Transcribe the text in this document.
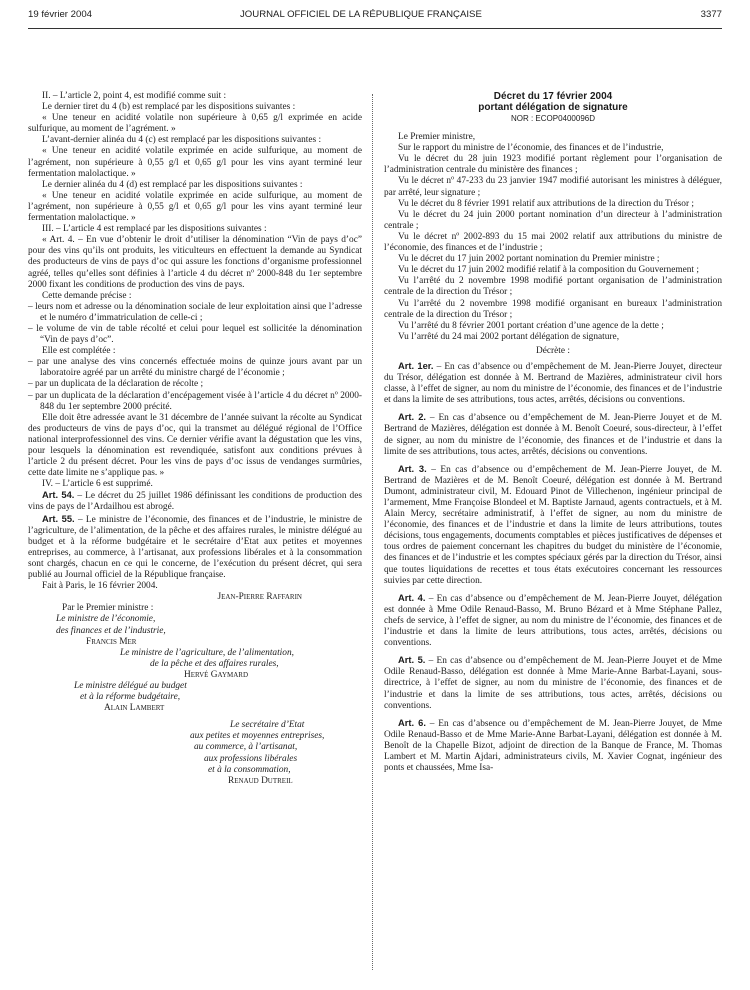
19 février 2004	JOURNAL OFFICIEL DE LA RÉPUBLIQUE FRANÇAISE	3377

II. – L’article 2, point 4, est modifié comme suit :

Le dernier tiret du 4 (b) est remplacé par les dispositions suivantes :

« Une teneur en acidité volatile non supérieure à 0,65 g/l exprimée en acide sulfurique, au moment de l’agrément. »

L’avant-dernier alinéa du 4 (c) est remplacé par les dispositions suivantes :

« Une teneur en acidité volatile exprimée en acide sulfurique, au moment de l’agrément, non supérieure à 0,55 g/l et 0,65 g/l pour les vins ayant terminé leur fermentation malolactique. »

Le dernier alinéa du 4 (d) est remplacé par les dispositions suivantes :

« Une teneur en acidité volatile exprimée en acide sulfurique, au moment de l’agrément, non supérieure à 0,55 g/l et 0,65 g/l pour les vins ayant terminé leur fermentation malolactique. »

III. – L’article 4 est remplacé par les dispositions suivantes :

« Art. 4. – En vue d’obtenir le droit d’utiliser la dénomination “Vin de pays d’oc” pour des vins qu’ils ont produits, les viticulteurs en effectuent la demande au Syndicat des producteurs de vins de pays d’oc qui assure les fonctions d’organisme professionnel agréé, telles qu’elles sont définies à l’article 4 du décret nº 2000-848 du 1er septembre 2000 fixant les conditions de production des vins de pays.

Cette demande précise :

– leurs nom et adresse ou la dénomination sociale de leur exploitation ainsi que l’adresse et le numéro d’immatriculation de celle-ci ;

– le volume de vin de table récolté et celui pour lequel est sollicitée la dénomination “Vin de pays d’oc”.

Elle est complétée :

– par une analyse des vins concernés effectuée moins de quinze jours avant par un laboratoire agréé par un arrêté du ministre chargé de l’économie ;

– par un duplicata de la déclaration de récolte ;

– par un duplicata de la déclaration d’encépagement visée à l’article 4 du décret nº 2000-848 du 1er septembre 2000 précité.

Elle doit être adressée avant le 31 décembre de l’année suivant la récolte au Syndicat des producteurs de vins de pays d’oc, qui la transmet au délégué régional de l’Office national interprofessionnel des vins. Ce dernier vérifie avant la dégustation que les vins, pour lesquels la dénomination est revendiquée, satisfont aux conditions prévues à l’article 2 du présent décret. Pour les vins de pays d’oc issus de vendanges surmûries, cette date limite ne s’applique pas. »

IV. – L’article 6 est supprimé.

Art. 54. – Le décret du 25 juillet 1986 définissant les conditions de production des vins de pays de l’Ardailhou est abrogé.

Art. 55. – Le ministre de l’économie, des finances et de l’industrie, le ministre de l’agriculture, de l’alimentation, de la pêche et des affaires rurales, le ministre délégué au budget et à la réforme budgétaire et le secrétaire d’Etat aux petites et moyennes entreprises, au commerce, à l’artisanat, aux professions libérales et à la consommation sont chargés, chacun en ce qui le concerne, de l’exécution du présent décret, qui sera publié au Journal officiel de la République française.

Fait à Paris, le 16 février 2004.

Jean-Pierre Raffarin

Par le Premier ministre :

Le ministre de l’économie,

des finances et de l’industrie,

Francis Mer

Le ministre de l’agriculture, de l’alimentation,

de la pêche et des affaires rurales,

Hervé Gaymard

Le ministre délégué au budget

et à la réforme budgétaire,

Alain Lambert

Le secrétaire d’Etat

aux petites et moyennes entreprises,

au commerce, à l’artisanat,

aux professions libérales

et à la consommation,

Renaud Dutreil

Décret du 17 février 2004

portant délégation de signature

NOR : ECOP0400096D

Le Premier ministre,

Sur le rapport du ministre de l’économie, des finances et de l’industrie,

Vu le décret du 28 juin 1923 modifié portant règlement pour l’organisation de l’administration centrale du ministère des finances ;

Vu le décret nº 47-233 du 23 janvier 1947 modifié autorisant les ministres à déléguer, par arrêté, leur signature ;

Vu le décret du 8 février 1991 relatif aux attributions de la direction du Trésor ;

Vu le décret du 24 juin 2000 portant nomination d’un directeur à l’administration centrale ;

Vu le décret nº 2002-893 du 15 mai 2002 relatif aux attributions du ministre de l’économie, des finances et de l’industrie ;

Vu le décret du 17 juin 2002 portant nomination du Premier ministre ;

Vu le décret du 17 juin 2002 modifié relatif à la composition du Gouvernement ;

Vu l’arrêté du 2 novembre 1998 modifié portant organisation de l’administration centrale de la direction du Trésor ;

Vu l’arrêté du 2 novembre 1998 modifié organisant en bureaux l’administration centrale de la direction du Trésor ;

Vu l’arrêté du 8 février 2001 portant création d’une agence de la dette ;

Vu l’arrêté du 24 mai 2002 portant délégation de signature,

Décrète :

Art. 1er. – En cas d’absence ou d’empêchement de M. Jean-Pierre Jouyet, directeur du Trésor, délégation est donnée à M. Bertrand de Mazières, administrateur civil hors classe, à l’effet de signer, au nom du ministre de l’économie, des finances et de l’industrie et dans la limite de ses attributions, tous actes, arrêtés, décisions ou conventions.

Art. 2. – En cas d’absence ou d’empêchement de M. Jean-Pierre Jouyet et de M. Bertrand de Mazières, délégation est donnée à M. Benoît Coeuré, sous-directeur, à l’effet de signer, au nom du ministre de l’économie, des finances et de l’industrie et dans la limite de ses attributions, tous actes, arrêtés, décisions ou conventions.

Art. 3. – En cas d’absence ou d’empêchement de M. Jean-Pierre Jouyet, de M. Bertrand de Mazières et de M. Benoît Coeuré, délégation est donnée à M. Bertrand Dumont, administrateur civil, M. Edouard Pinot de Villechenon, ingénieur principal de l’armement, Mme Françoise Blondeel et M. Baptiste Jarnaud, agents contractuels, et à M. Alain Mercy, secrétaire administratif, à l’effet de signer, au nom du ministre de l’économie, des finances et de l’industrie et dans la limite de leurs attributions, toutes décisions, tous engagements, documents comptables et pièces justificatives de dépenses et tous ordres de paiement concernant les chapitres du budget du ministère de l’économie, des finances et de l’industrie et les comptes spéciaux gérés par la direction du Trésor, ainsi que toutes liquidations de recettes et tous états exécutoires concernant les ressources suivies par cette direction.

Art. 4. – En cas d’absence ou d’empêchement de M. Jean-Pierre Jouyet, délégation est donnée à Mme Odile Renaud-Basso, M. Bruno Bézard et à Mme Stéphane Pallez, chefs de service, à l’effet de signer, au nom du ministre de l’économie, des finances et de l’industrie et dans la limite de leurs attributions, tous actes, arrêtés, décisions ou conventions.

Art. 5. – En cas d’absence ou d’empêchement de M. Jean-Pierre Jouyet et de Mme Odile Renaud-Basso, délégation est donnée à Mme Marie-Anne Barbat-Layani, sous-directrice, à l’effet de signer, au nom du ministre de l’économie, des finances et de l’industrie et dans la limite de ses attributions, tous actes, arrêtés, décisions ou conventions.

Art. 6. – En cas d’absence ou d’empêchement de M. Jean-Pierre Jouyet, de Mme Odile Renaud-Basso et de Mme Marie-Anne Barbat-Layani, délégation est donnée à M. Benoît de la Chapelle Bizot, adjoint de direction de la Banque de France, M. Thomas Lambert et M. Martin Ajdari, administrateurs civils, M. Xavier Cognat, ingénieur des ponts et chaussées, Mme Isa-
